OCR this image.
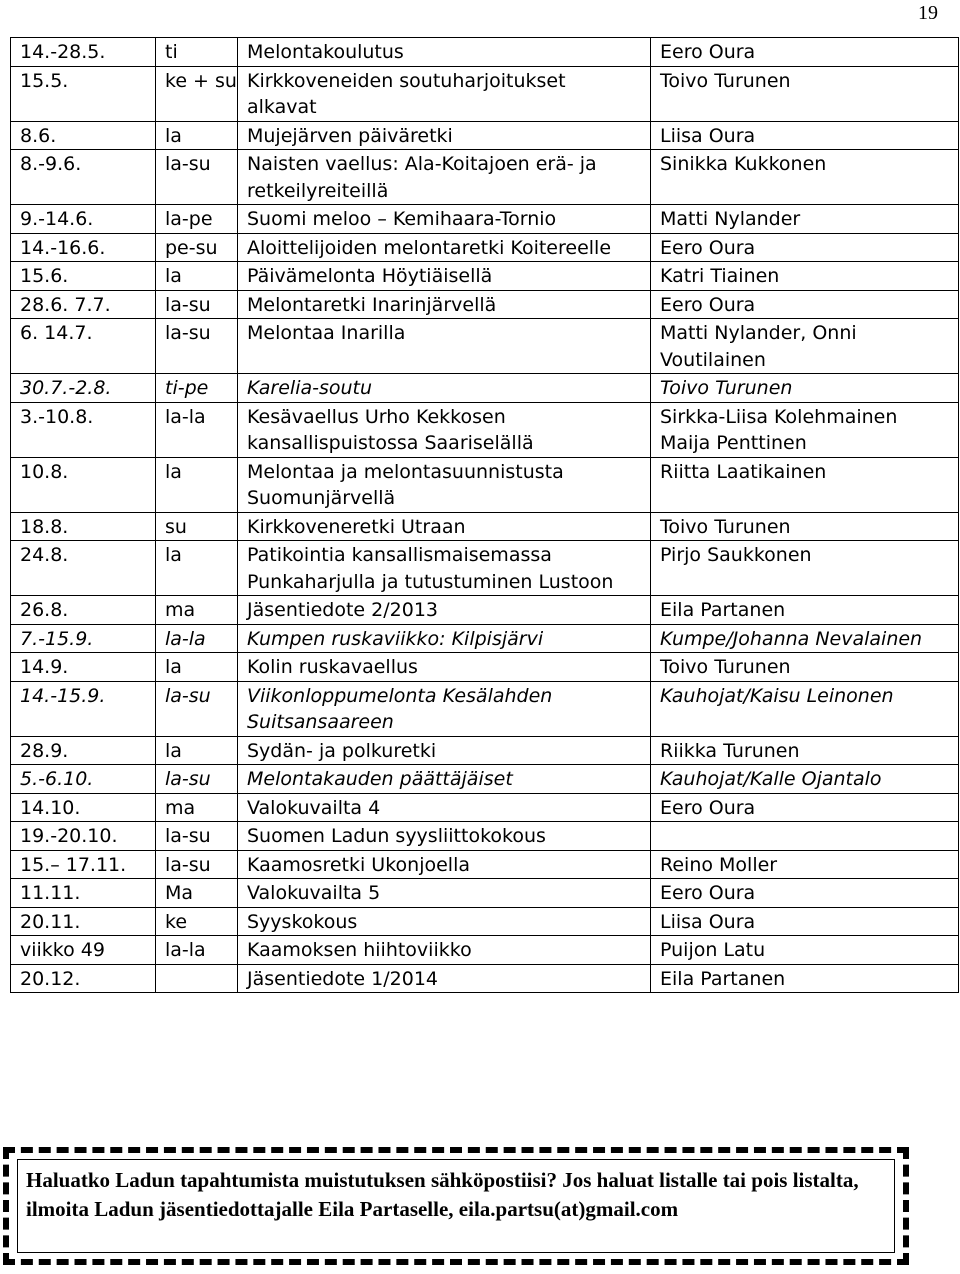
19
14.-28.5.	ti	Melontakoulutus	Eero Oura
15.5.	ke + su	Kirkkoveneiden soutuharjoitukset alkavat	Toivo Turunen
8.6.	la	Mujejärven päiväretki	Liisa Oura
8.-9.6.	la-su	Naisten vaellus: Ala-Koitajoen erä- ja retkeilyreiteillä	Sinikka Kukkonen
9.-14.6.	la-pe	Suomi meloo – Kemihaara-Tornio	Matti Nylander
14.-16.6.	pe-su	Aloittelijoiden melontaretki Koitereelle	Eero Oura
15.6.	la	Päivämelonta Höytiäisellä	Katri Tiainen
28.6. 7.7.	la-su	Melontaretki Inarinjärvellä	Eero Oura
6. 14.7.	la-su	Melontaa Inarilla	Matti Nylander, Onni Voutilainen
30.7.-2.8.	ti-pe	Karelia-soutu	Toivo Turunen
3.-10.8.	la-la	Kesävaellus Urho Kekkosen kansallispuistossa Saariselällä	Sirkka-Liisa Kolehmainen
Maija Penttinen
10.8.	la	Melontaa ja melontasuunnistusta Suomunjärvellä	Riitta Laatikainen
18.8.	su	Kirkkoveneretki Utraan	Toivo Turunen
24.8.	la	Patikointia kansallismaisemassa Punkaharjulla ja tutustuminen Lustoon	Pirjo Saukkonen
26.8.	ma	Jäsentiedote 2/2013	Eila Partanen
7.-15.9.	la-la	Kumpen ruskaviikko: Kilpisjärvi	Kumpe/Johanna Nevalainen
14.9.	la	Kolin ruskavaellus	Toivo Turunen
14.-15.9.	la-su	Viikonloppumelonta Kesälahden Suitsansaareen	Kauhojat/Kaisu Leinonen
28.9.	la	Sydän- ja polkuretki	Riikka Turunen
5.-6.10.	la-su	Melontakauden päättäjäiset	Kauhojat/Kalle Ojantalo
14.10.	ma	Valokuvailta 4	Eero Oura
19.-20.10.	la-su	Suomen Ladun syysliittokokous	
15.– 17.11.	la-su	Kaamosretki Ukonjoella	Reino Moller
11.11.	Ma	Valokuvailta 5	Eero Oura
20.11.	ke	Syyskokous	Liisa Oura
viikko 49	la-la	Kaamoksen hiihtoviikko	Puijon Latu
20.12.		Jäsentiedote 1/2014	Eila Partanen

Haluatko Ladun tapahtumista muistutuksen sähköpostiisi? Jos haluat listalle tai pois listalta, ilmoita Ladun jäsentiedottajalle Eila Partaselle, eila.partsu(at)gmail.com
